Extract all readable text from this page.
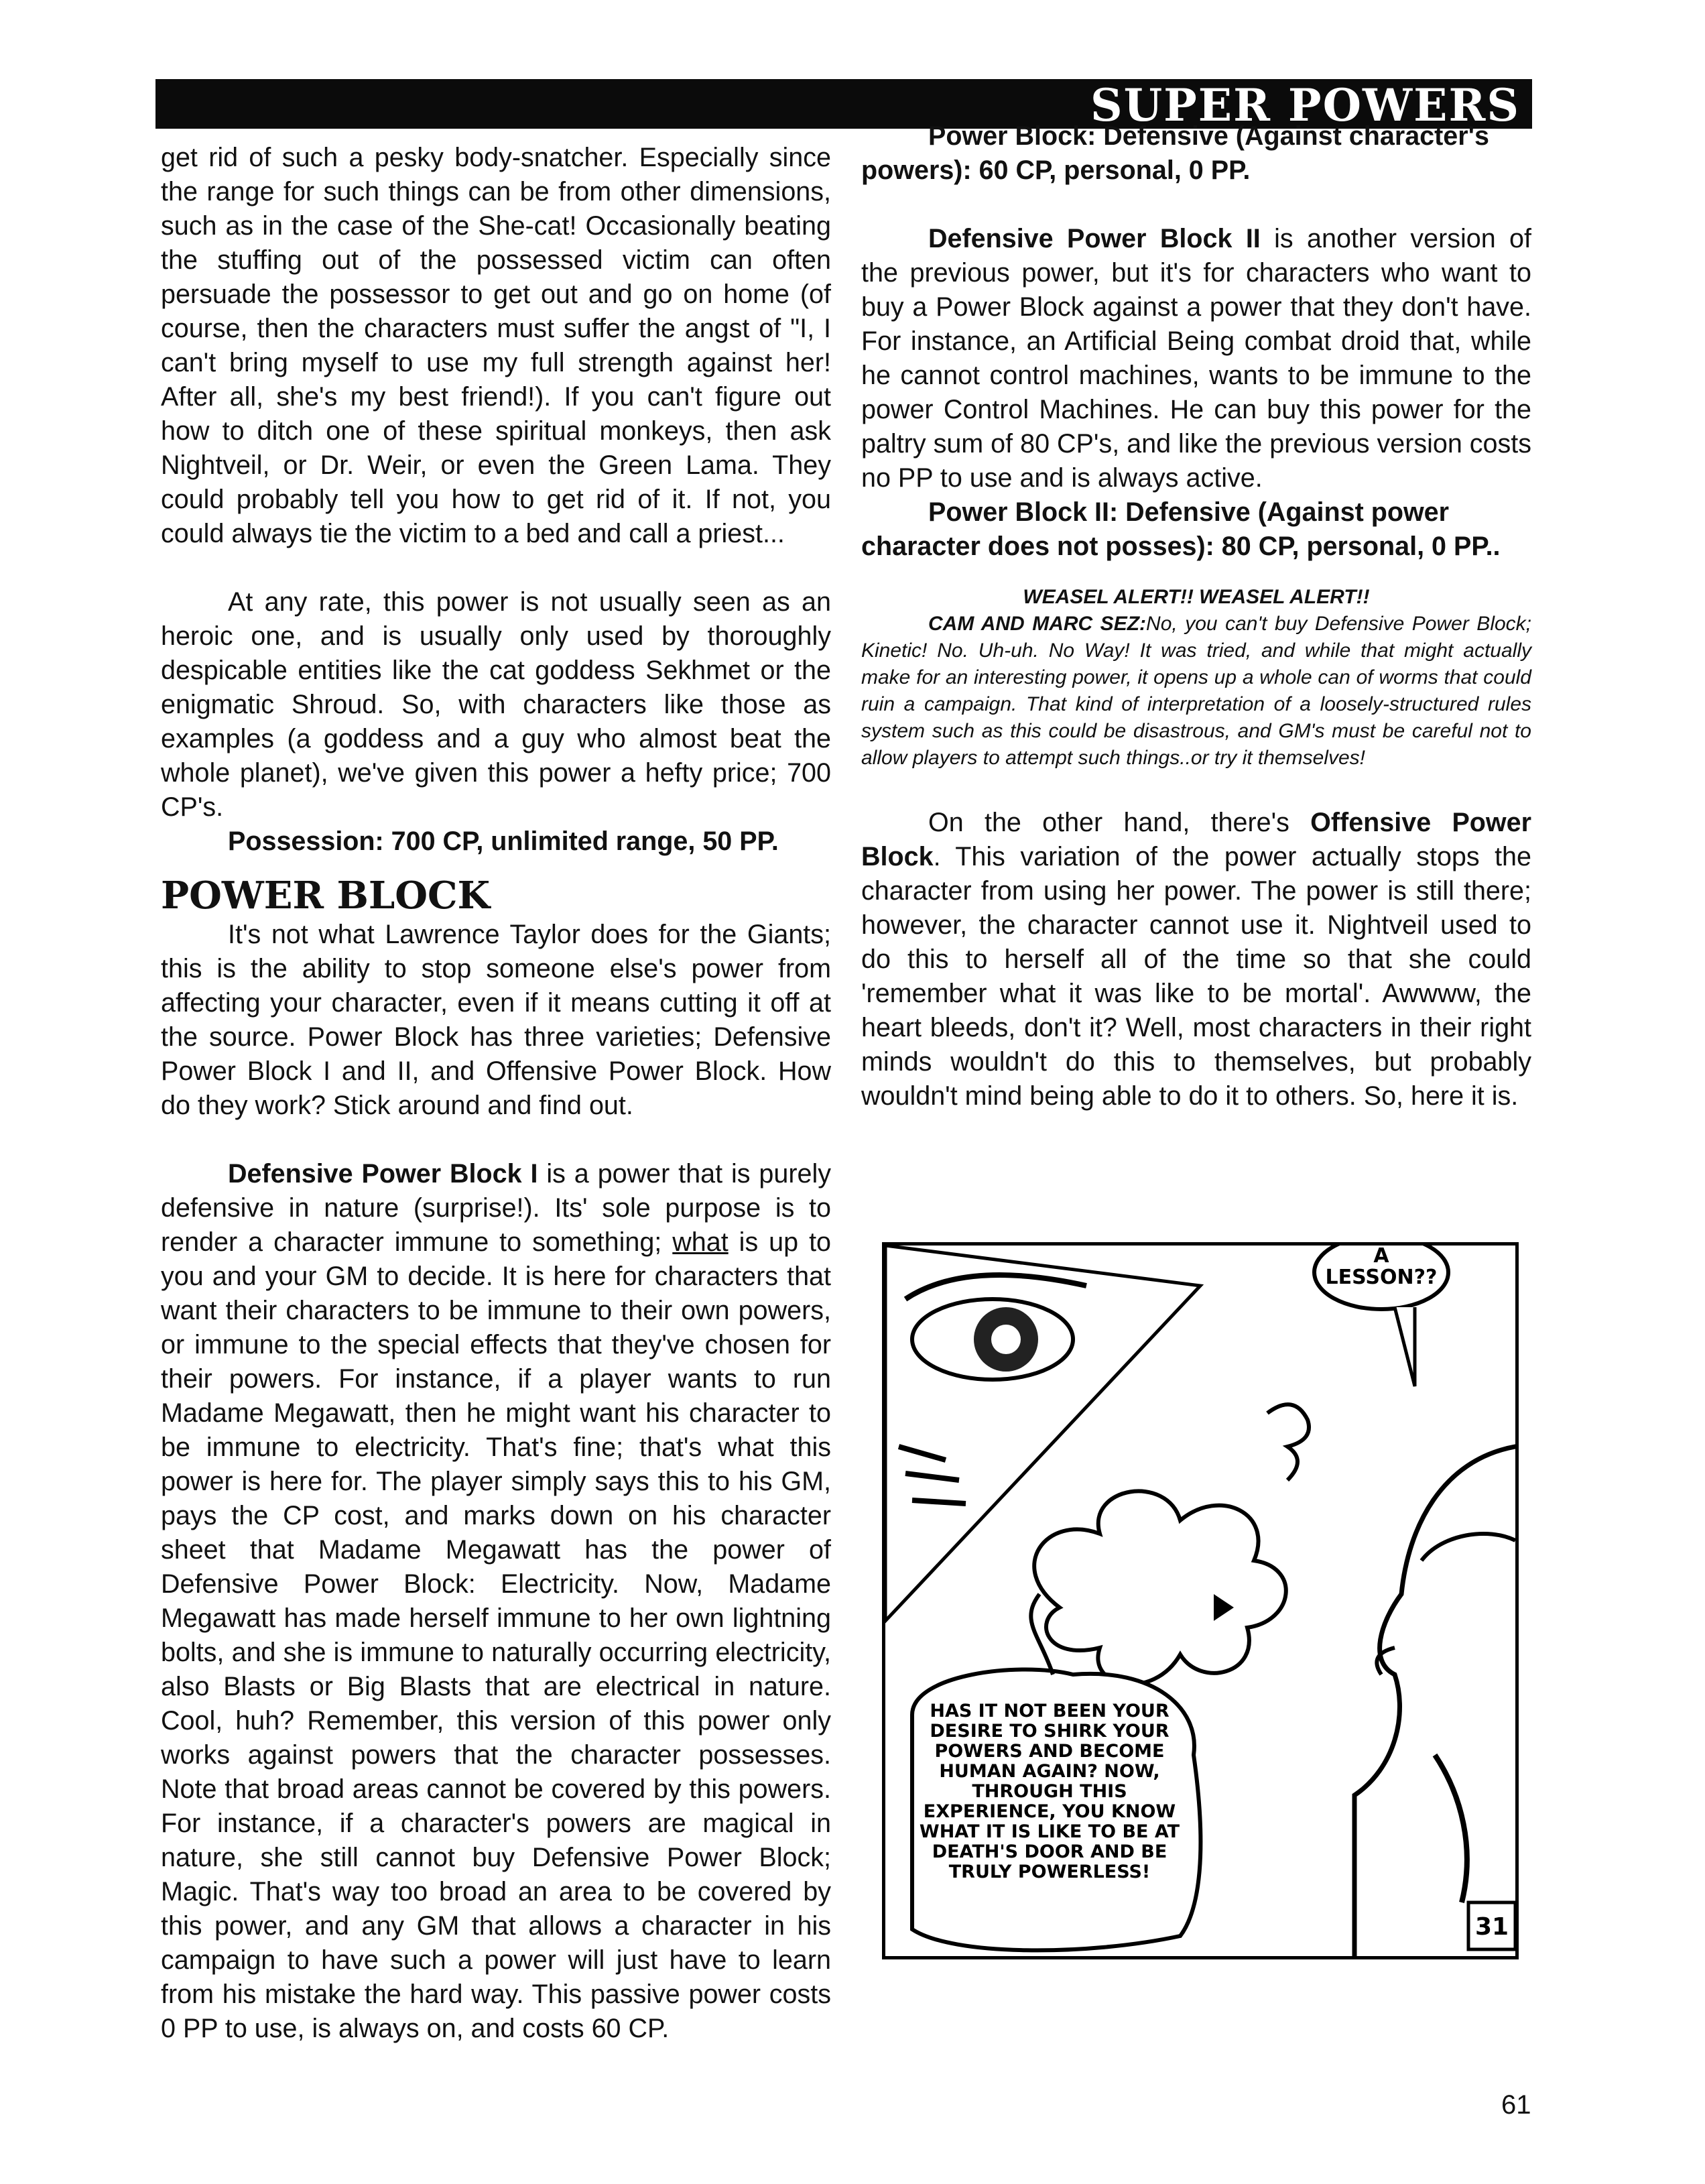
SUPER POWERS

get rid of such a pesky body-snatcher. Especially since the range for such things can be from other dimensions, such as in the case of the She-cat! Occasionally beating the stuffing out of the possessed victim can often persuade the possessor to get out and go on home (of course, then the characters must suffer the angst of "I, I can't bring myself to use my full strength against her! After all, she's my best friend!). If you can't figure out how to ditch one of these spiritual monkeys, then ask Nightveil, or Dr. Weir, or even the Green Lama. They could probably tell you how to get rid of it. If not, you could always tie the victim to a bed and call a priest...

At any rate, this power is not usually seen as an heroic one, and is usually only used by thoroughly despicable entities like the cat goddess Sekhmet or the enigmatic Shroud. So, with characters like those as examples (a goddess and a guy who almost beat the whole planet), we've given this power a hefty price; 700 CP's.

Possession: 700 CP, unlimited range, 50 PP.

POWER BLOCK

It's not what Lawrence Taylor does for the Giants; this is the ability to stop someone else's power from affecting your character, even if it means cutting it off at the source. Power Block has three varieties; Defensive Power Block I and II, and Offensive Power Block. How do they work? Stick around and find out.

Defensive Power Block I is a power that is purely defensive in nature (surprise!). Its' sole purpose is to render a character immune to something; what is up to you and your GM to decide. It is here for characters that want their characters to be immune to their own powers, or immune to the special effects that they've chosen for their powers. For instance, if a player wants to run Madame Megawatt, then he might want his character to be immune to electricity. That's fine; that's what this power is here for. The player simply says this to his GM, pays the CP cost, and marks down on his character sheet that Madame Megawatt has the power of Defensive Power Block: Electricity. Now, Madame Megawatt has made herself immune to her own lightning bolts, and she is immune to naturally occurring electricity, also Blasts or Big Blasts that are electrical in nature. Cool, huh? Remember, this version of this power only works against powers that the character possesses. Note that broad areas cannot be covered by this powers. For instance, if a character's powers are magical in nature, she still cannot buy Defensive Power Block; Magic. That's way too broad an area to be covered by this power, and any GM that allows a character in his campaign to have such a power will just have to learn from his mistake the hard way. This passive power costs 0 PP to use, is always on, and costs 60 CP.

Power Block: Defensive (Against character's powers): 60 CP, personal, 0 PP.

Defensive Power Block II is another version of the previous power, but it's for characters who want to buy a Power Block against a power that they don't have. For instance, an Artificial Being combat droid that, while he cannot control machines, wants to be immune to the power Control Machines. He can buy this power for the paltry sum of 80 CP's, and like the previous version costs no PP to use and is always active.

Power Block II: Defensive (Against power character does not posses): 80 CP, personal, 0 PP..

WEASEL ALERT!! WEASEL ALERT!!

CAM AND MARC SEZ:No, you can't buy Defensive Power Block; Kinetic! No. Uh-uh. No Way! It was tried, and while that might actually make for an interesting power, it opens up a whole can of worms that could ruin a campaign. That kind of interpretation of a loosely-structured rules system such as this could be disastrous, and GM's must be careful not to allow players to attempt such things..or try it themselves!

On the other hand, there's Offensive Power Block. This variation of the power actually stops the character from using her power. The power is still there; however, the character cannot use it. Nightveil used to do this to herself all of the time so that she could 'remember what it was like to be mortal'. Awwww, the heart bleeds, don't it? Well, most characters in their right minds wouldn't do this to themselves, but probably wouldn't mind being able to do it to others. So, here it is.

31
A LESSON??
HAS IT NOT BEEN YOUR DESIRE TO SHIRK YOUR POWERS AND BECOME HUMAN AGAIN? NOW, THROUGH THIS EXPERIENCE, YOU KNOW WHAT IT IS LIKE TO BE AT DEATH'S DOOR AND BE TRULY POWERLESS!
61
